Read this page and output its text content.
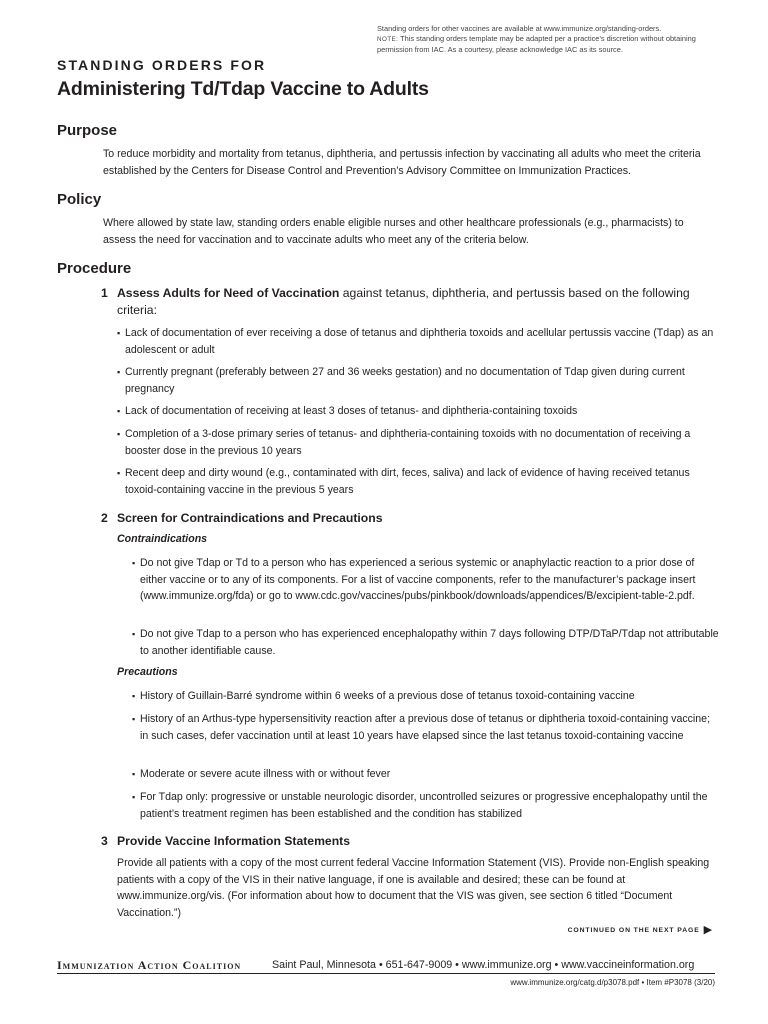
Standing orders for other vaccines are available at www.immunize.org/standing-orders.
NOTE: This standing orders template may be adapted per a practice’s discretion without obtaining permission from IAC. As a courtesy, please acknowledge IAC as its source.
STANDING ORDERS FOR
Administering Td/Tdap Vaccine to Adults
Purpose
To reduce morbidity and mortality from tetanus, diphtheria, and pertussis infection by vaccinating all adults who meet the criteria established by the Centers for Disease Control and Prevention’s Advisory Committee on Immunization Practices.
Policy
Where allowed by state law, standing orders enable eligible nurses and other healthcare professionals (e.g., pharmacists) to assess the need for vaccination and to vaccinate adults who meet any of the criteria below.
Procedure
1 Assess Adults for Need of Vaccination against tetanus, diphtheria, and pertussis based on the following criteria:
▪ Lack of documentation of ever receiving a dose of tetanus and diphtheria toxoids and acellular pertussis vaccine (Tdap) as an adolescent or adult
▪ Currently pregnant (preferably between 27 and 36 weeks gestation) and no documentation of Tdap given during current pregnancy
▪ Lack of documentation of receiving at least 3 doses of tetanus- and diphtheria-containing toxoids
▪ Completion of a 3-dose primary series of tetanus- and diphtheria-containing toxoids with no documentation of receiving a booster dose in the previous 10 years
▪ Recent deep and dirty wound (e.g., contaminated with dirt, feces, saliva) and lack of evidence of having received tetanus toxoid-containing vaccine in the previous 5 years
2 Screen for Contraindications and Precautions
Contraindications
▪ Do not give Tdap or Td to a person who has experienced a serious systemic or anaphylactic reaction to a prior dose of either vaccine or to any of its components. For a list of vaccine components, refer to the manufacturer’s package insert (www.immunize.org/fda) or go to www.cdc.gov/vaccines/pubs/pinkbook/downloads/appendices/B/excipient-table-2.pdf.
▪ Do not give Tdap to a person who has experienced encephalopathy within 7 days following DTP/DTaP/Tdap not attributable to another identifiable cause.
Precautions
▪ History of Guillain-Barré syndrome within 6 weeks of a previous dose of tetanus toxoid-containing vaccine
▪ History of an Arthus-type hypersensitivity reaction after a previous dose of tetanus or diphtheria toxoid-containing vaccine; in such cases, defer vaccination until at least 10 years have elapsed since the last tetanus toxoid-containing vaccine
▪ Moderate or severe acute illness with or without fever
▪ For Tdap only: progressive or unstable neurologic disorder, uncontrolled seizures or progressive encephalopathy until the patient’s treatment regimen has been established and the condition has stabilized
3 Provide Vaccine Information Statements
Provide all patients with a copy of the most current federal Vaccine Information Statement (VIS). Provide non-English speaking patients with a copy of the VIS in their native language, if one is available and desired; these can be found at www.immunize.org/vis. (For information about how to document that the VIS was given, see section 6 titled “Document Vaccination.”)
CONTINUED ON THE NEXT PAGE ▶
Immunization Action Coalition	Saint Paul, Minnesota • 651-647-9009 • www.immunize.org • www.vaccineinformation.org
www.immunize.org/catg.d/p3078.pdf • Item #P3078 (3/20)
